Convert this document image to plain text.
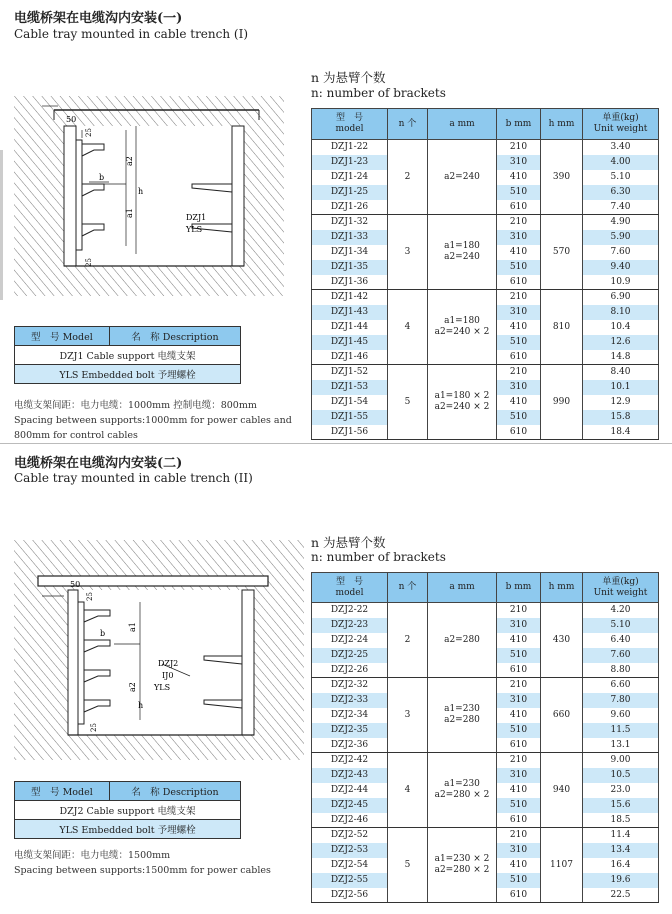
电缆桥架在电缆沟内安装(一)
Cable tray mounted in cable trench (I)
50
25
25
a2
a1
b
h
DZJ1
YLS
n 为悬臂个数
n: number of brackets
型　号 Model	名　称 Description
DZJ1 Cable support 电缆支架
YLS Embedded bolt 予埋螺栓
电缆支架间距：电力电缆：1000mm 控制电缆：800mm
Spacing between supports:1000mm for power cables and
800mm for control cables
型　号
model	n 个	a mm	b mm	h mm	单重(kg)
Unit weight
DZJ1-22	2	a2=240	210	390	3.40
DZJ1-23			310		4.00
DZJ1-24			410		5.10
DZJ1-25			510		6.30
DZJ1-26			610		7.40
DZJ1-32	3	a1=180
a2=240	210	570	4.90
DZJ1-33			310		5.90
DZJ1-34			410		7.60
DZJ1-35			510		9.40
DZJ1-36			610		10.9
DZJ1-42	4	a1=180
a2=240 × 2	210	810	6.90
DZJ1-43			310		8.10
DZJ1-44			410		10.4
DZJ1-45			510		12.6
DZJ1-46			610		14.8
DZJ1-52	5	a1=180 × 2
a2=240 × 2	210	990	8.40
DZJ1-53			310		10.1
DZJ1-54			410		12.9
DZJ1-55			510		15.8
DZJ1-56			610		18.4
电缆桥架在电缆沟内安装(二)
Cable tray mounted in cable trench (II)
50
25
25
a1
a2
b
h
DZJ2
IJ0
YLS
n 为悬臂个数
n: number of brackets
型　号 Model	名　称 Description
DZJ2 Cable support 电缆支架
YLS Embedded bolt 予埋螺栓
电缆支架间距：电力电缆：1500mm
Spacing between supports:1500mm for power cables
型　号
model	n 个	a mm	b mm	h mm	单重(kg)
Unit weight
DZJ2-22	2	a2=280	210	430	4.20
DZJ2-23			310		5.10
DZJ2-24			410		6.40
DZJ2-25			510		7.60
DZJ2-26			610		8.80
DZJ2-32	3	a1=230
a2=280	210	660	6.60
DZJ2-33			310		7.80
DZJ2-34			410		9.60
DZJ2-35			510		11.5
DZJ2-36			610		13.1
DZJ2-42	4	a1=230
a2=280 × 2	210	940	9.00
DZJ2-43			310		10.5
DZJ2-44			410		23.0
DZJ2-45			510		15.6
DZJ2-46			610		18.5
DZJ2-52	5	a1=230 × 2
a2=280 × 2	210	1107	11.4
DZJ2-53			310		13.4
DZJ2-54			410		16.4
DZJ2-55			510		19.6
DZJ2-56			610		22.5
